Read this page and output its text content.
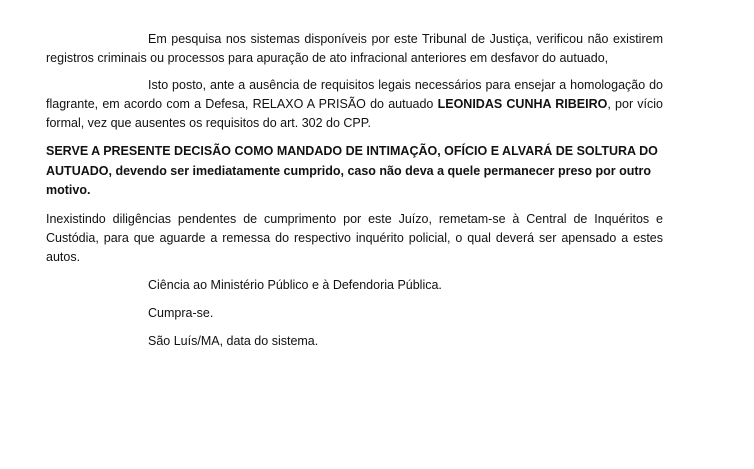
Em pesquisa nos sistemas disponíveis por este Tribunal de Justiça, verificou não existirem registros criminais ou processos para apuração de ato infracional anteriores em desfavor do autuado,

Isto posto, ante a ausência de requisitos legais necessários para ensejar a homologação do flagrante, em acordo com a Defesa, RELAXO A PRISÃO do autuado LEONIDAS CUNHA RIBEIRO, por vício formal, vez que ausentes os requisitos do art. 302 do CPP.

SERVE A PRESENTE DECISÃO COMO MANDADO DE INTIMAÇÃO, OFÍCIO E ALVARÁ DE SOLTURA DO AUTUADO, devendo ser imediatamente cumprido, caso não deva a quele permanecer preso por outro motivo.

Inexistindo diligências pendentes de cumprimento por este Juízo, remetam-se à Central de Inquéritos e Custódia, para que aguarde a remessa do respectivo inquérito policial, o qual deverá ser apensado a estes autos.

Ciência ao Ministério Público e à Defendoria Pública.

Cumpra-se.

São Luís/MA, data do sistema.
